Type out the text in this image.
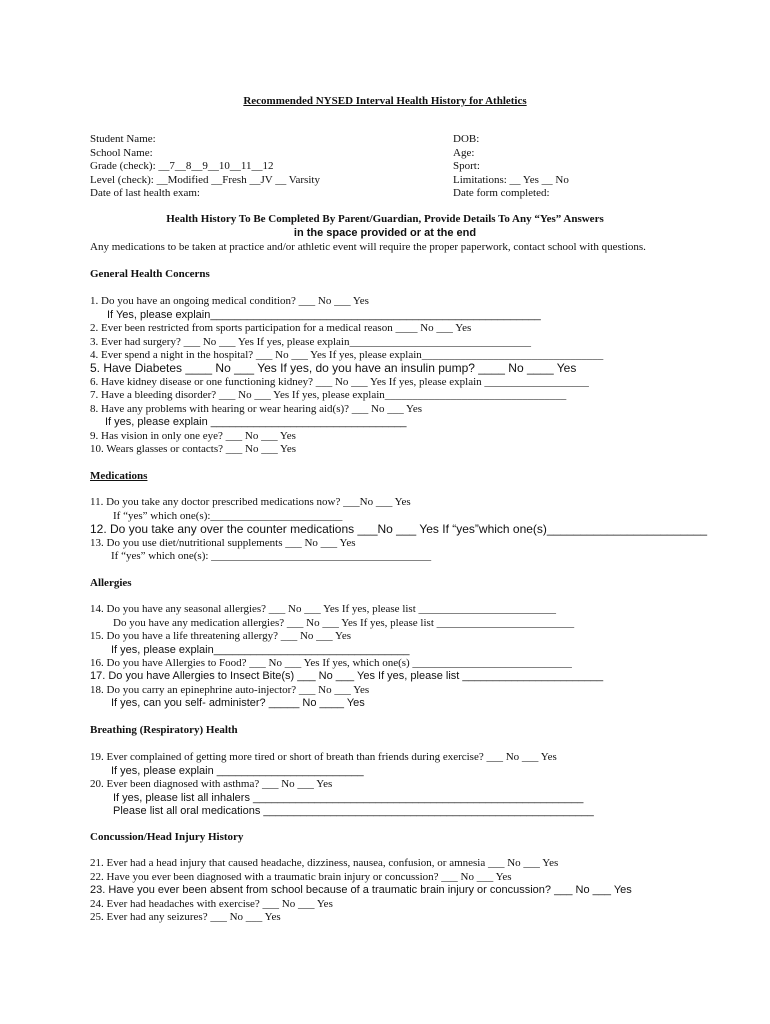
Recommended NYSED Interval Health History for Athletics
Student Name:
School Name:
Grade (check): __7__8__9__10__11__12
Level (check): __Modified __Fresh __JV __ Varsity
Date of last health exam:
DOB:
Age:
Sport:
Limitations: __ Yes __ No
Date form completed:
Health History To Be Completed By Parent/Guardian, Provide Details To Any “Yes” Answers
in the space provided or at the end
Any medications to be taken at practice and/or athletic event will require the proper paperwork, contact school with questions.
General Health Concerns
1. Do you have an ongoing medical condition? ___ No ___ Yes
If Yes, please explain______________________________________________________
2. Ever been restricted from sports participation for a medical reason ____ No ___ Yes
3. Ever had surgery? ___ No ___ Yes If yes, please explain_________________________________
4. Ever spend a night in the hospital? ___ No ___ Yes If yes, please explain_________________________________
5. Have Diabetes ____ No ___ Yes If yes, do you have an insulin pump? ____ No ____ Yes
6. Have kidney disease or one functioning kidney? ___ No ___ Yes If yes, please explain ___________________
7. Have a bleeding disorder? ___ No ___ Yes If yes, please explain_________________________________
8. Have any problems with hearing or wear hearing aid(s)? ___ No ___ Yes
If yes, please explain ________________________________
9. Has vision in only one eye? ___ No ___ Yes
10. Wears glasses or contacts? ___ No ___ Yes
Medications
11. Do you take any doctor prescribed medications now? ___No ___ Yes
If “yes” which one(s):________________________
12. Do you take any over the counter medications ___No ___ Yes If “yes”which one(s)________________________
13. Do you use diet/nutritional supplements ___ No ___ Yes
If “yes” which one(s): ________________________________________
Allergies
14. Do you have any seasonal allergies? ___ No ___ Yes If yes, please list _________________________
Do you have any medication allergies? ___ No ___ Yes If yes, please list _________________________
15. Do you have a life threatening allergy? ___ No ___ Yes
If yes, please explain________________________________
16. Do you have Allergies to Food? ___ No ___ Yes If yes, which one(s) _____________________________
17. Do you have Allergies to Insect Bite(s) ___ No ___ Yes If yes, please list _______________________
18. Do you carry an epinephrine auto-injector? ___ No ___ Yes
If yes, can you self- administer? _____ No ____ Yes
Breathing (Respiratory) Health
19. Ever complained of getting more tired or short of breath than friends during exercise? ___ No ___ Yes
If yes, please explain ________________________
20. Ever been diagnosed with asthma? ___ No ___ Yes
If yes, please list all inhalers ______________________________________________________
Please list all oral medications ______________________________________________________
Concussion/Head Injury History
21. Ever had a head injury that caused headache, dizziness, nausea, confusion, or amnesia ___ No ___ Yes
22. Have you ever been diagnosed with a traumatic brain injury or concussion? ___ No ___ Yes
23. Have you ever been absent from school because of a traumatic brain injury or concussion? ___ No ___ Yes
24. Ever had headaches with exercise? ___ No ___ Yes
25. Ever had any seizures? ___ No ___ Yes
